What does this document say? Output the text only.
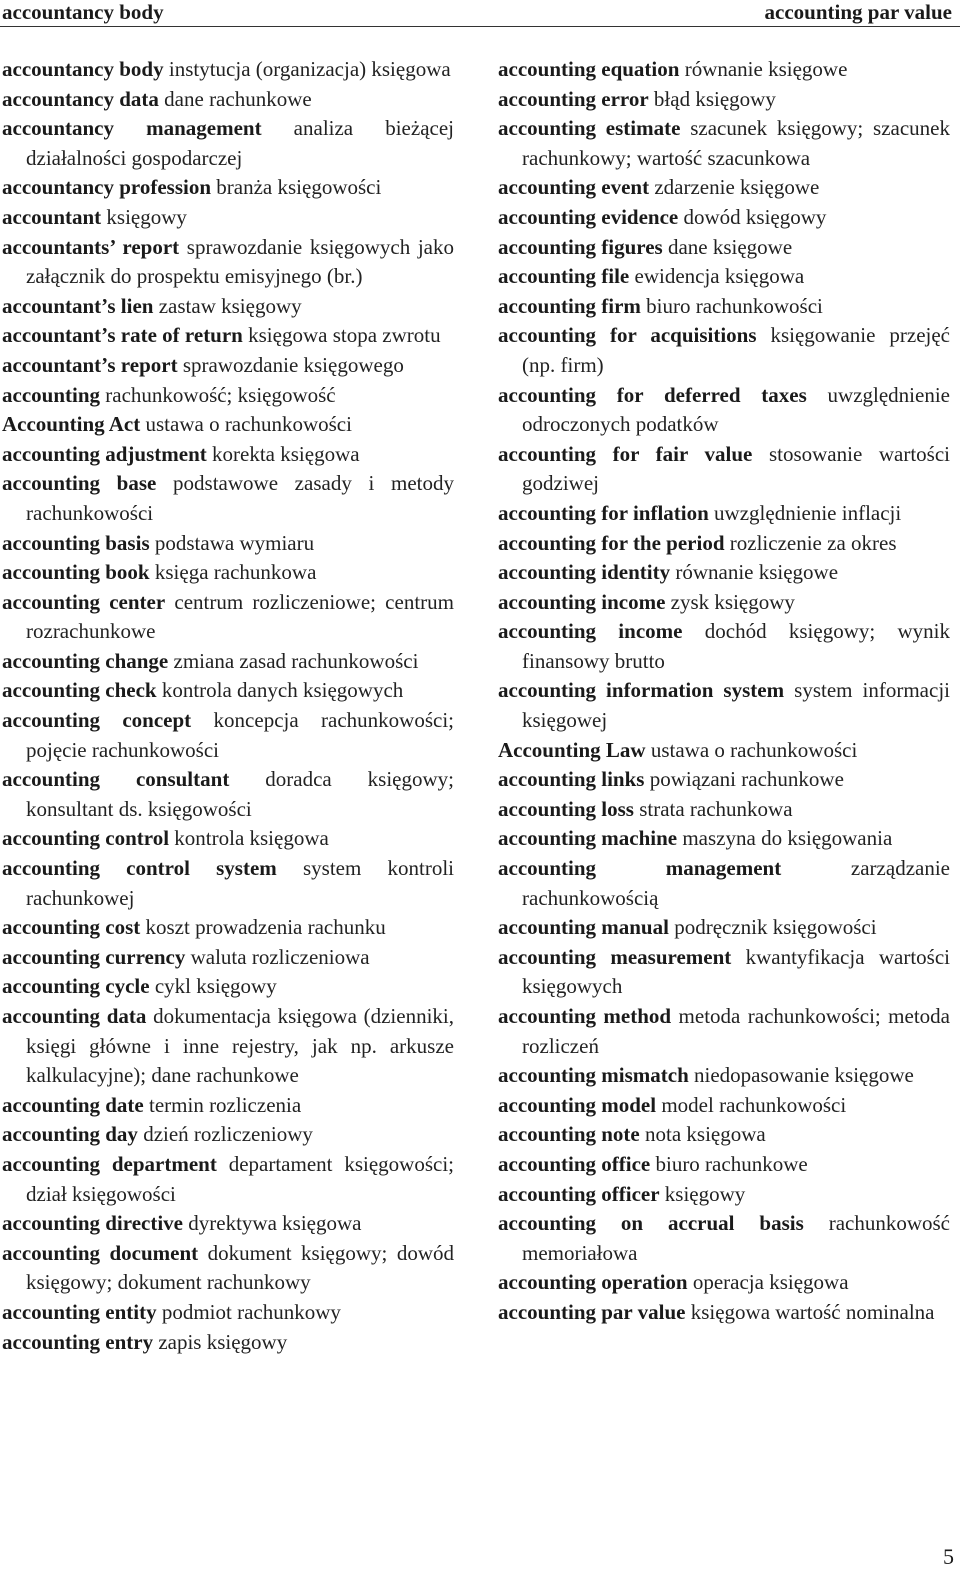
accountancy body	accounting par value

accountancy body instytucja (organizacja) księgowa

accountancy data dane rachunkowe

accountancy management analiza bieżącej działalności gospodarczej

accountancy profession branża księgowości

accountant księgowy

accountants’ report sprawozdanie księgowych jako załącznik do prospektu emisyjnego (br.)

accountant’s lien zastaw księgowy

accountant’s rate of return księgowa stopa zwrotu

accountant’s report sprawozdanie księgowego

accounting rachunkowość; księgowość

Accounting Act ustawa o rachunkowości

accounting adjustment korekta księgowa

accounting base podstawowe zasady i metody rachunkowości

accounting basis podstawa wymiaru

accounting book księga rachunkowa

accounting center centrum rozliczeniowe; centrum rozrachunkowe

accounting change zmiana zasad rachunkowości

accounting check kontrola danych księgowych

accounting concept koncepcja rachunkowości; pojęcie rachunkowości

accounting consultant doradca księgowy; konsultant ds. księgowości

accounting control kontrola księgowa

accounting control system system kontroli rachunkowej

accounting cost koszt prowadzenia rachunku

accounting currency waluta rozliczeniowa

accounting cycle cykl księgowy

accounting data dokumentacja księgowa (dzienniki, księgi główne i inne rejestry, jak np. arkusze kalkulacyjne); dane rachunkowe

accounting date termin rozliczenia

accounting day dzień rozliczeniowy

accounting department departament księgowości; dział księgowości

accounting directive dyrektywa księgowa

accounting document dokument księgowy; dowód księgowy; dokument rachunkowy

accounting entity podmiot rachunkowy

accounting entry zapis księgowy

accounting equation równanie księgowe

accounting error błąd księgowy

accounting estimate szacunek księgowy; szacunek rachunkowy; wartość szacunkowa

accounting event zdarzenie księgowe

accounting evidence dowód księgowy

accounting figures dane księgowe

accounting file ewidencja księgowa

accounting firm biuro rachunkowości

accounting for acquisitions księgowanie przejęć (np. firm)

accounting for deferred taxes uwzględnienie odroczonych podatków

accounting for fair value stosowanie wartości godziwej

accounting for inflation uwzględnienie inflacji

accounting for the period rozliczenie za okres

accounting identity równanie księgowe

accounting income zysk księgowy

accounting income dochód księgowy; wynik finansowy brutto

accounting information system system informacji księgowej

Accounting Law ustawa o rachunkowości

accounting links powiązani rachunkowe

accounting loss strata rachunkowa

accounting machine maszyna do księgowania

accounting management zarządzanie rachunkowością

accounting manual podręcznik księgowości

accounting measurement kwantyfikacja wartości księgowych

accounting method metoda rachunkowości; metoda rozliczeń

accounting mismatch niedopasowanie księgowe

accounting model model rachunkowości

accounting note nota księgowa

accounting office biuro rachunkowe

accounting officer księgowy

accounting on accrual basis rachunkowość memoriałowa

accounting operation operacja księgowa

accounting par value księgowa wartość nominalna

5
